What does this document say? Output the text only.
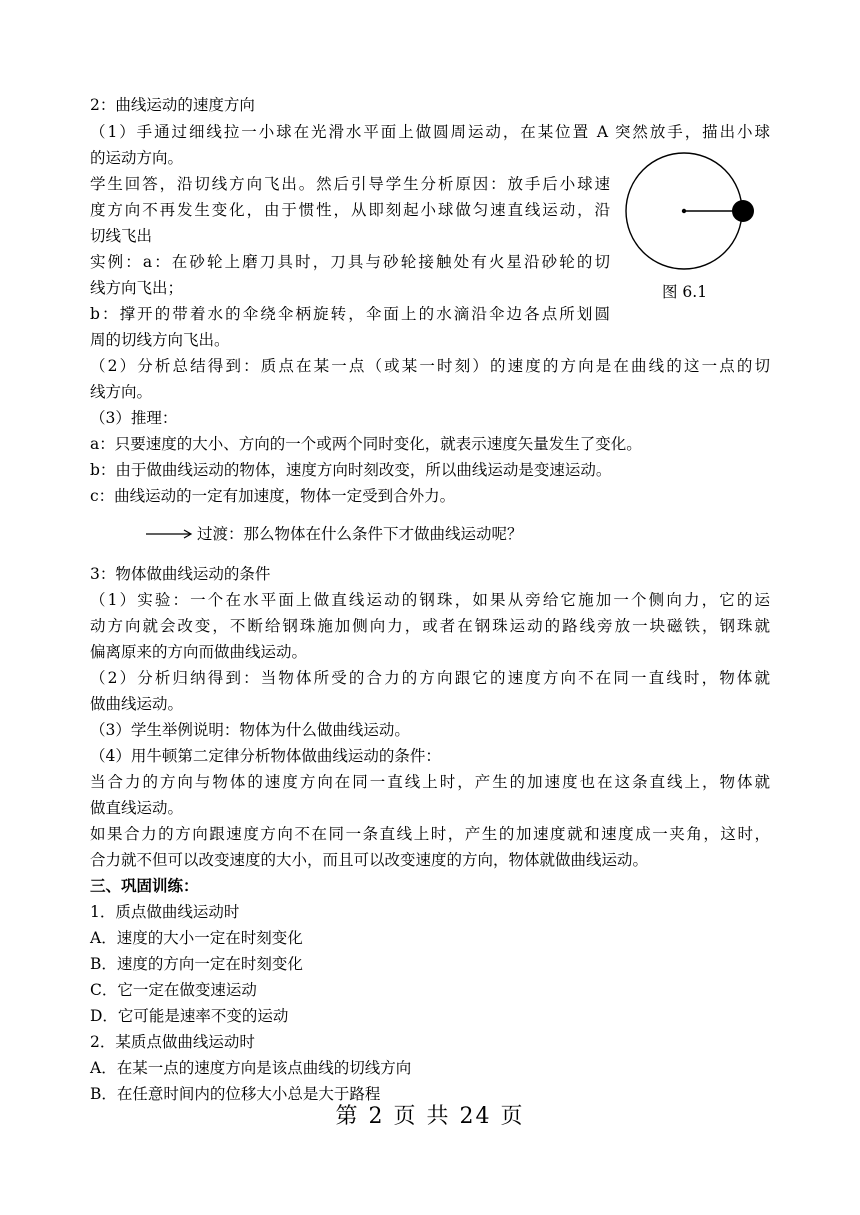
2：曲线运动的速度方向
（1）手通过细线拉一小球在光滑水平面上做圆周运动，在某位置 A 突然放手，描出小球
的运动方向。
学生回答，沿切线方向飞出。然后引导学生分析原因：放手后小球速
度方向不再发生变化，由于惯性，从即刻起小球做匀速直线运动，沿
切线飞出
实例：a：在砂轮上磨刀具时，刀具与砂轮接触处有火星沿砂轮的切
线方向飞出；
b：撑开的带着水的伞绕伞柄旋转，伞面上的水滴沿伞边各点所划圆
周的切线方向飞出。
（2）分析总结得到：质点在某一点（或某一时刻）的速度的方向是在曲线的这一点的切
线方向。
（3）推理：
a：只要速度的大小、方向的一个或两个同时变化，就表示速度矢量发生了变化。
b：由于做曲线运动的物体，速度方向时刻改变，所以曲线运动是变速运动。
c：曲线运动的一定有加速度，物体一定受到合外力。
过渡：那么物体在什么条件下才做曲线运动呢？
3：物体做曲线运动的条件
（1）实验：一个在水平面上做直线运动的钢珠，如果从旁给它施加一个侧向力，它的运
动方向就会改变，不断给钢珠施加侧向力，或者在钢珠运动的路线旁放一块磁铁，钢珠就
偏离原来的方向而做曲线运动。
（2）分析归纳得到：当物体所受的合力的方向跟它的速度方向不在同一直线时，物体就
做曲线运动。
（3）学生举例说明：物体为什么做曲线运动。
（4）用牛顿第二定律分析物体做曲线运动的条件：
当合力的方向与物体的速度方向在同一直线上时，产生的加速度也在这条直线上，物体就
做直线运动。
如果合力的方向跟速度方向不在同一条直线上时，产生的加速度就和速度成一夹角，这时，
合力就不但可以改变速度的大小，而且可以改变速度的方向，物体就做曲线运动。
三、巩固训练：
1．质点做曲线运动时
A．速度的大小一定在时刻变化
B．速度的方向一定在时刻变化
C．它一定在做变速运动
D．它可能是速率不变的运动
2．某质点做曲线运动时
A．在某一点的速度方向是该点曲线的切线方向
B．在任意时间内的位移大小总是大于路程
图 6.1
第 2 页 共 24 页
